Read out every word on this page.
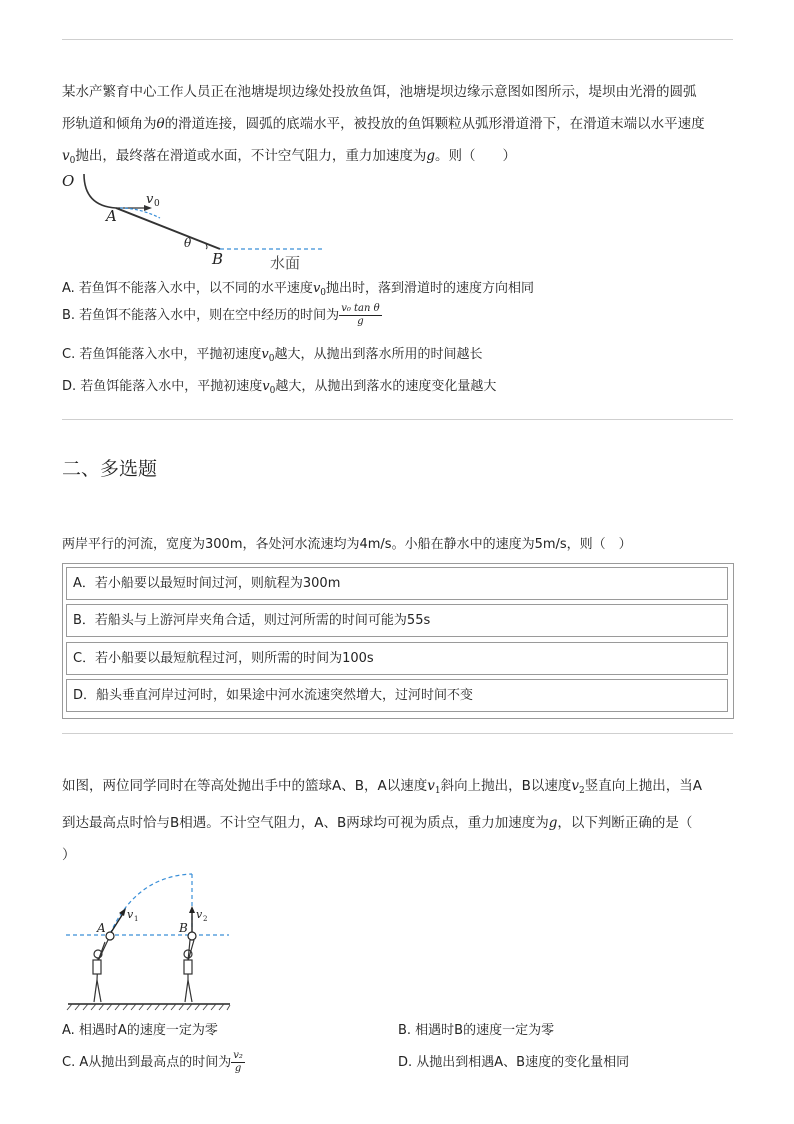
某水产繁育中心工作人员正在池塘堤坝边缘处投放鱼饵，池塘堤坝边缘示意图如图所示，堤坝由光滑的圆弧
形轨道和倾角为θ的滑道连接，圆弧的底端水平，被投放的鱼饵颗粒从弧形滑道滑下，在滑道末端以水平速度
$v_0$抛出，最终落在滑道或水面，不计空气阻力，重力加速度为g。则（　　）
O
v 0
A
θ
B	水面
A. 若鱼饵不能落入水中，以不同的水平速度$v_0$抛出时，落到滑道时的速度方向相同
B. 若鱼饵不能落入水中，则在空中经历的时间为 $\frac{\text{v₀ tan θ}}{g}$
C. 若鱼饵能落入水中，平抛初速度$v_0$越大，从抛出到落水所用的时间越长
D. 若鱼饵能落入水中，平抛初速度$v_0$越大，从抛出到落水的速度变化量越大
二、多选题
两岸平行的河流，宽度为300m，各处河水流速均为4m/s。小船在静水中的速度为5m/s，则（　）
A．若小船要以最短时间过河，则航程为300m
B．若船头与上游河岸夹角合适，则过河所需的时间可能为55s
C．若小船要以最短航程过河，则所需的时间为100s
D．船头垂直河岸过河时，如果途中河水流速突然增大，过河时间不变
如图，两位同学同时在等高处抛出手中的篮球A、B，A以速度$v_1$斜向上抛出，B以速度$v_2$竖直向上抛出，当A
到达最高点时恰与B相遇。不计空气阻力，A、B两球均可视为质点，重力加速度为g，以下判断正确的是（
）
v 1	v 2
A	B
A. 相遇时A的速度一定为零	B. 相遇时B的速度一定为零
C. A从抛出到最高点的时间为 $\frac{\text{v₂}}{g}$	D. 从抛出到相遇A、B速度的变化量相同
